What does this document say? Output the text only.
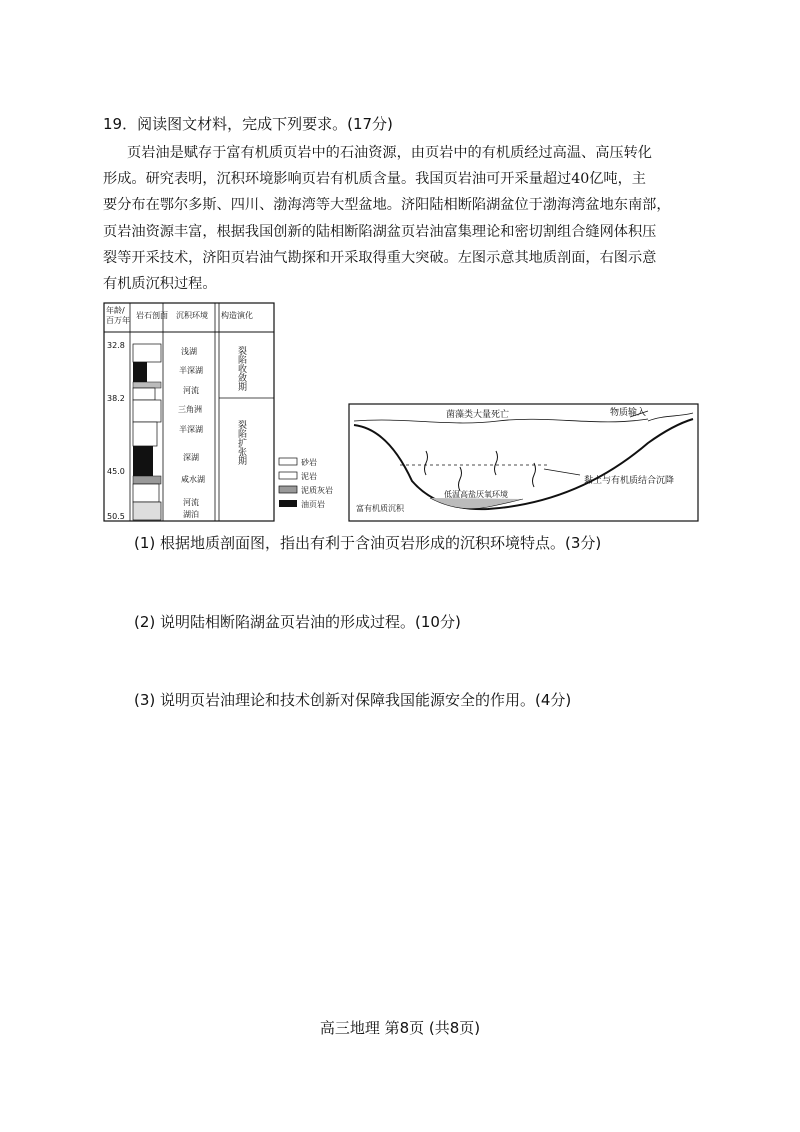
19．阅读图文材料，完成下列要求。(17分)
页岩油是赋存于富有机质页岩中的石油资源，由页岩中的有机质经过高温、高压转化
形成。研究表明，沉积环境影响页岩有机质含量。我国页岩油可开采量超过40亿吨，主
要分布在鄂尔多斯、四川、渤海湾等大型盆地。济阳陆相断陷湖盆位于渤海湾盆地东南部，
页岩油资源丰富，根据我国创新的陆相断陷湖盆页岩油富集理论和密切割组合缝网体积压
裂等开采技术，济阳页岩油气勘探和开采取得重大突破。左图示意其地质剖面，右图示意
有机质沉积过程。
年龄/
百万年
岩石剖面 沉积环境 构造演化
32.8
38.2
45.0
50.5
浅湖
半深湖
河流
三角洲
半深湖
深湖
咸水湖
河流
湖泊
裂陷收敛期
裂陷扩张期	砂岩
泥岩
泥质灰岩
油页岩
菌藻类大量死亡	物质输入
黏土与有机质结合沉降
低温高盐厌氧环境
富有机质沉积
(1) 根据地质剖面图，指出有利于含油页岩形成的沉积环境特点。(3分)
(2) 说明陆相断陷湖盆页岩油的形成过程。(10分)
(3) 说明页岩油理论和技术创新对保障我国能源安全的作用。(4分)
高三地理 第8页 (共8页)
